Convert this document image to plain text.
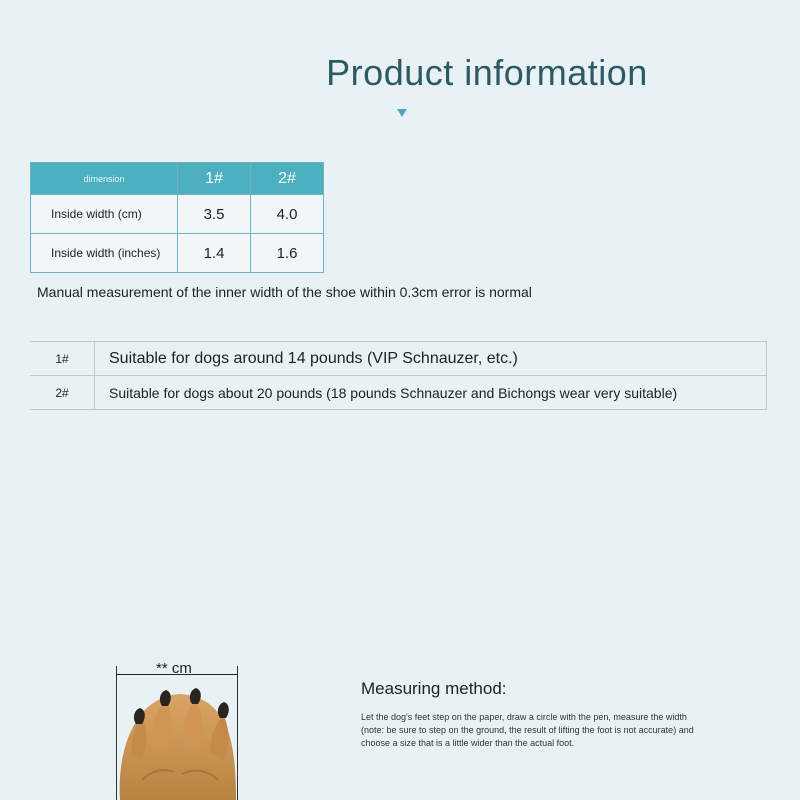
Product information
dimension	1#	2#
Inside width (cm)	3.5	4.0
Inside width (inches)	1.4	1.6
Manual measurement of the inner width of the shoe within 0.3cm error is normal
1#	Suitable for dogs around 14 pounds (VIP Schnauzer, etc.)
2#	Suitable for dogs about 20 pounds (18 pounds Schnauzer and Bichongs wear very suitable)
** cm
Measuring method:
Let the dog's feet step on the paper, draw a circle with the pen, measure the width (note: be sure to step on the ground, the result of lifting the foot is not accurate) and choose a size that is a little wider than the actual foot.
